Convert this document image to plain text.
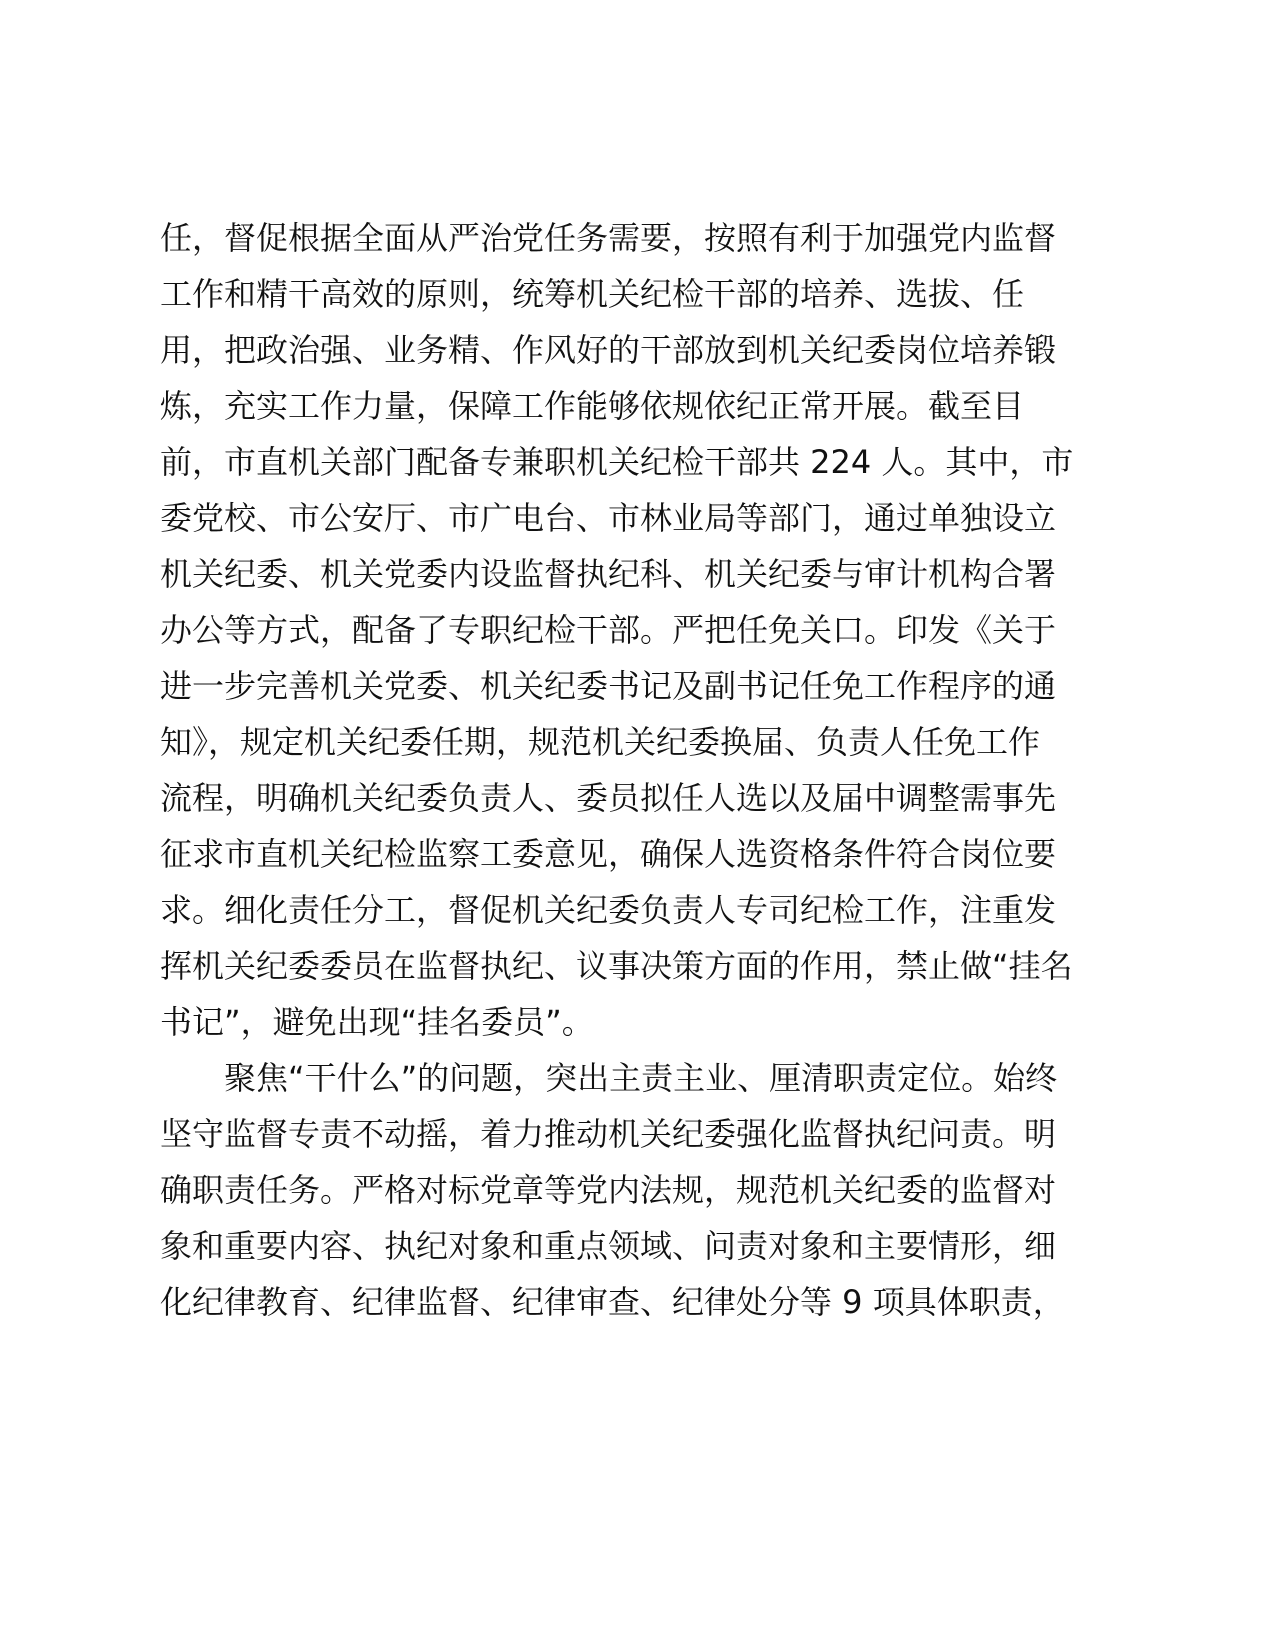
任，督促根据全面从严治党任务需要，按照有利于加强党内监督
工作和精干高效的原则，统筹机关纪检干部的培养、选拔、任
用，把政治强、业务精、作风好的干部放到机关纪委岗位培养锻
炼，充实工作力量，保障工作能够依规依纪正常开展。截至目
前，市直机关部门配备专兼职机关纪检干部共 224 人。其中，市
委党校、市公安厅、市广电台、市林业局等部门，通过单独设立
机关纪委、机关党委内设监督执纪科、机关纪委与审计机构合署
办公等方式，配备了专职纪检干部。严把任免关口。印发《关于
进一步完善机关党委、机关纪委书记及副书记任免工作程序的通
知》，规定机关纪委任期，规范机关纪委换届、负责人任免工作
流程，明确机关纪委负责人、委员拟任人选以及届中调整需事先
征求市直机关纪检监察工委意见，确保人选资格条件符合岗位要
求。细化责任分工，督促机关纪委负责人专司纪检工作，注重发
挥机关纪委委员在监督执纪、议事决策方面的作用，禁止做“挂名
书记”，避免出现“挂名委员”。
聚焦“干什么”的问题，突出主责主业、厘清职责定位。始终
坚守监督专责不动摇，着力推动机关纪委强化监督执纪问责。明
确职责任务。严格对标党章等党内法规，规范机关纪委的监督对
象和重要内容、执纪对象和重点领域、问责对象和主要情形，细
化纪律教育、纪律监督、纪律审查、纪律处分等 9 项具体职责，
